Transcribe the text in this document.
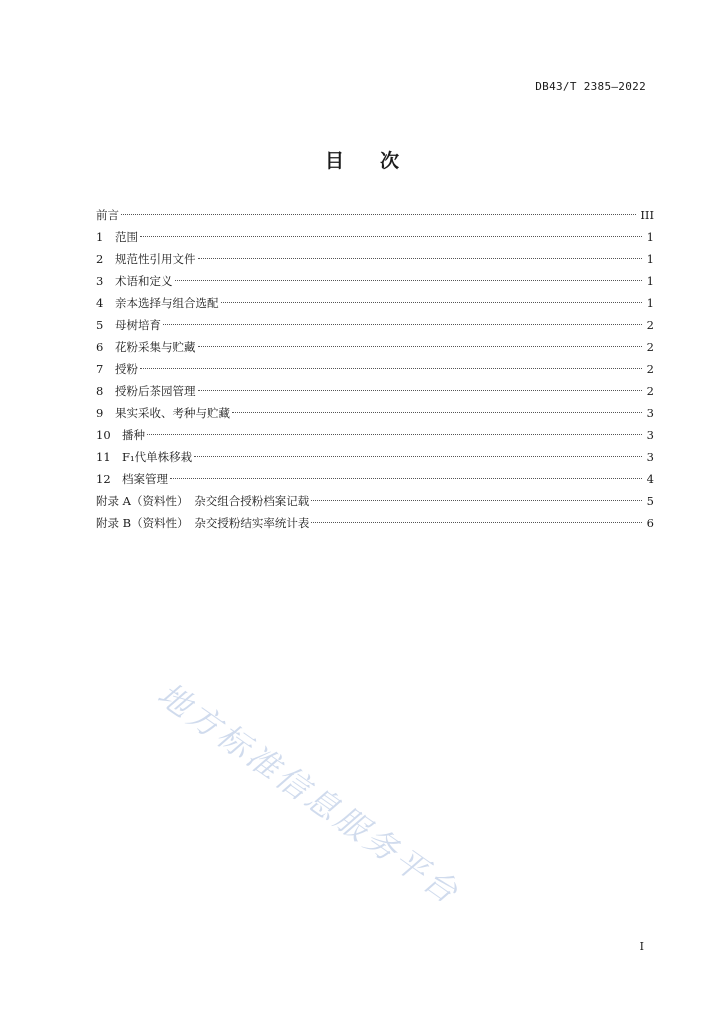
DB43/T 2385—2022
目 次
前言	III
1	范围	1
2	规范性引用文件	1
3	术语和定义	1
4	亲本选择与组合选配	1
5	母树培育	2
6	花粉采集与贮藏	2
7	授粉	2
8	授粉后茶园管理	2
9	果实采收、考种与贮藏	3
10 播种	3
11 F₁代单株移栽	3
12 档案管理	4
附录 A（资料性）　杂交组合授粉档案记载	5
附录 B（资料性）　杂交授粉结实率统计表	6
地方标准信息服务平台
I
